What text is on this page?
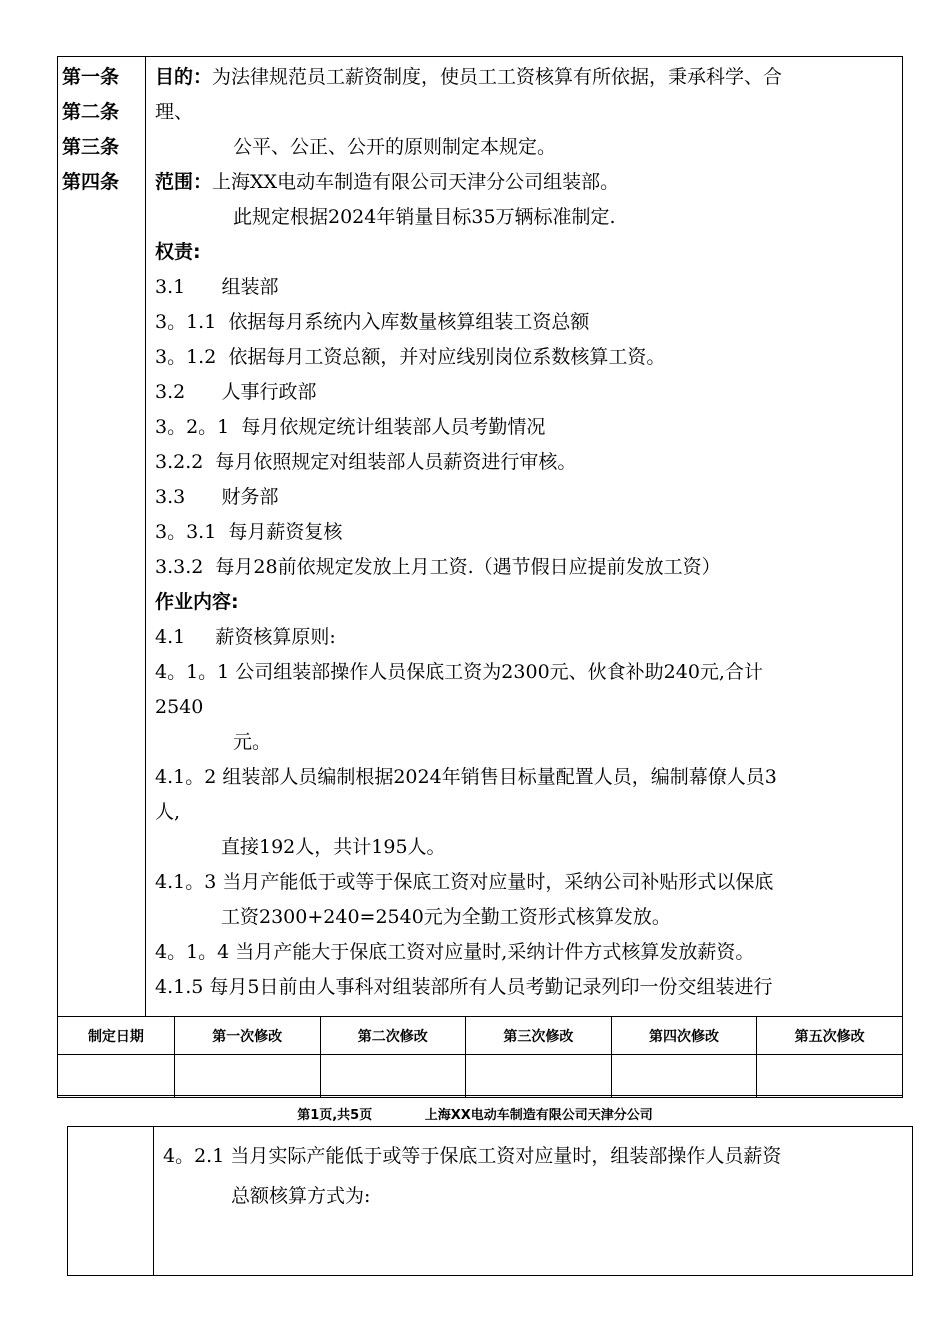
第一条
第二条
第三条
第四条
目的：为法律规范员工薪资制度，使员工工资核算有所依据，秉承科学、合
理、
公平、公正、公开的原则制定本规定。
范围：上海XX电动车制造有限公司天津分公司组装部。
此规定根据2024年销量目标35万辆标准制定.
权责:
3.1      组装部
3。1.1  依据每月系统内入库数量核算组装工资总额
3。1.2  依据每月工资总额，并对应线别岗位系数核算工资。
3.2      人事行政部
3。2。1  每月依规定统计组装部人员考勤情况
3.2.2  每月依照规定对组装部人员薪资进行审核。
3.3      财务部
3。3.1  每月薪资复核
3.3.2  每月28前依规定发放上月工资.（遇节假日应提前发放工资）
作业内容:
4.1     薪资核算原则:
4。1。1 公司组装部操作人员保底工资为2300元、伙食补助240元,合计
2540
元。
4.1。2 组装部人员编制根据2024年销售目标量配置人员，编制幕僚人员3
人,
直接192人，共计195人。
4.1。3 当月产能低于或等于保底工资对应量时，采纳公司补贴形式以保底
工资2300+240=2540元为全勤工资形式核算发放。
4。1。4 当月产能大于保底工资对应量时,采纳计件方式核算发放薪资。
4.1.5 每月5日前由人事科对组装部所有人员考勤记录列印一份交组装进行
制定日期	第一次修改	第二次修改	第三次修改	第四次修改	第五次修改

第1页,共5页	上海XX电动车制造有限公司天津分公司
4。2.1 当月实际产能低于或等于保底工资对应量时，组装部操作人员薪资
总额核算方式为:
